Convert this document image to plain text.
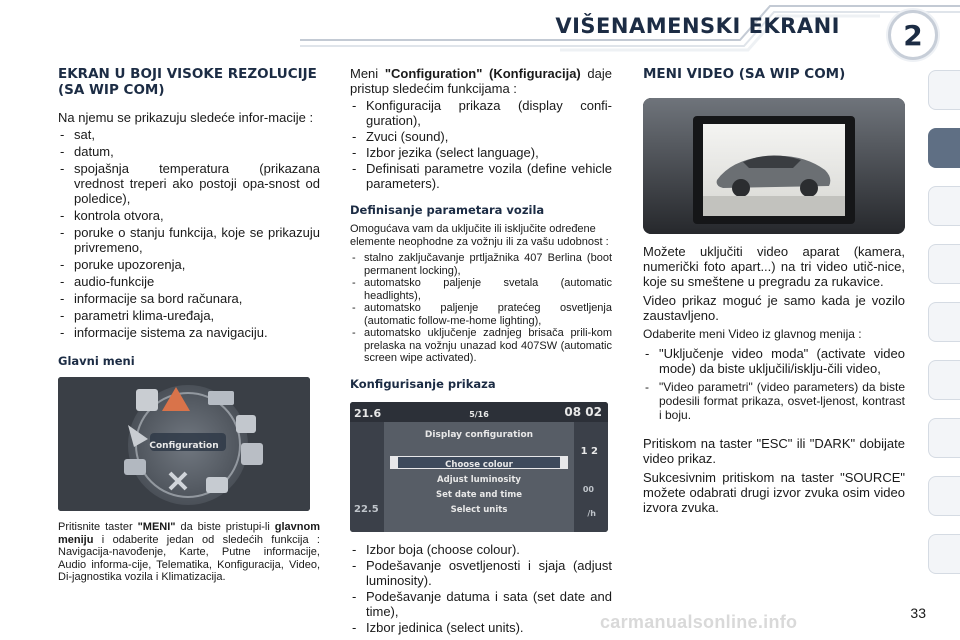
VIŠENAMENSKI EKRANI	2
EKRAN U BOJI VISOKE REZOLUCIJE (SA WIP COM)

Na njemu se prikazuju sledeće infor-macije :

- sat,
- datum,
- spojašnja temperatura (prikazana vrednost treperi ako postoji opa-snost od poledice),
- kontrola otvora,
- poruke o stanju funkcija, koje se prikazuju privremeno,
- poruke upozorenja,
- audio-funkcije
- informacije sa bord računara,
- parametri klima-uređaja,
- informacije sistema za navigaciju.
Glavni meni
Configuration

Pritisnite taster "MENI" da biste pristupi-li glavnom meniju i odaberite jedan od sledećih funkcija : Navigacija-navođenje, Karte, Putne informacije, Audio informa-cije, Telematika, Konfiguracija, Video, Di-jagnostika vozila i Klimatizacija.

Meni "Configuration" (Konfiguracija) daje pristup sledećim funkcijama :

- Konfiguracija prikaza (display confi-guration),
- Zvuci (sound),
- Izbor jezika (select language),
- Definisati parametre vozila (define vehicle parameters).
Definisanje parametara vozila

Omogućava vam da uključite ili isključite određene elemente neophodne za vožnju ili za vašu udobnost :

- stalno zaključavanje prtljažnika 407 Berlina (boot permanent locking),
- automatsko paljenje svetala (automatic headlights),
- automatsko paljenje pratećeg osvetljenja (automatic follow-me-home lighting),
- automatsko uključenje zadnjeg brisača prili-kom prelaska na vožnju unazad kod 407SW (automatic screen wipe activated).
Konfigurisanje prikaza
21.6	5/16	08 02
Display configuration
Choose colour
Adjust luminosity
Set date and time
Select units
22.5
1 2
00
/h
- Izbor boja (choose colour).
- Podešavanje osvetljenosti i sjaja (adjust luminosity).
- Podešavanje datuma i sata (set date and time),
- Izbor jedinica (select units).
MENI VIDEO (SA WIP COM)

Možete uključiti video aparat (kamera, numerički foto apart...) na tri video utič-nice, koje su smeštene u pregradu za rukavice.

Video prikaz moguć je samo kada je vozilo zaustavljeno.

Odaberite meni Video iz glavnog menija :

- "Uključenje video moda" (activate video mode) da biste uključili/isklju-čili video,
- "Video parametri" (video parameters) da biste podesili format prikaza, osvet-ljenost, kontrast i boju.

Pritiskom na taster "ESC" ili "DARK" dobijate video prikaz.

Sukcesivnim pritiskom na taster "SOURCE" možete odabrati drugi izvor zvuka osim video izvora zvuka.

33
carmanualsonline.info
